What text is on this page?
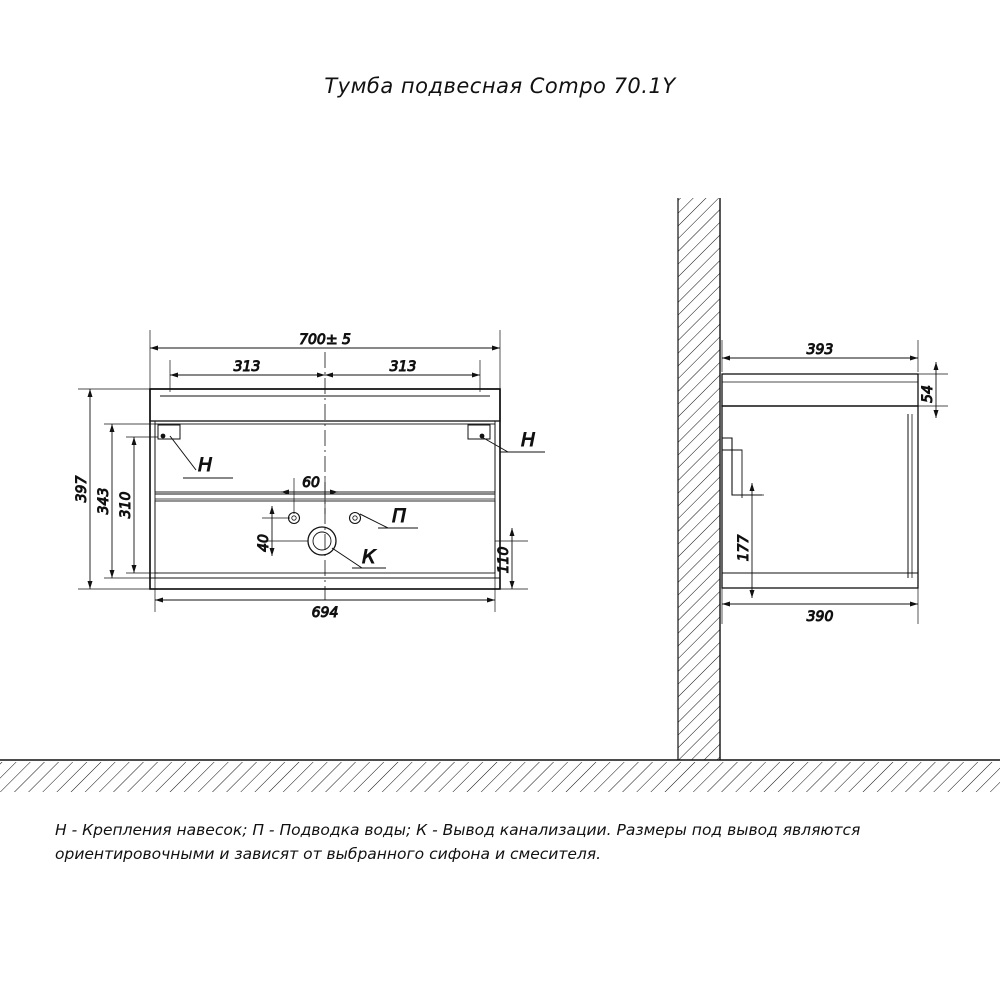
Тумба подвесная Compo 70.1Y
Н
Н
П
К
700± 5
313	313
694
397 343 310
110
60
40
393
54
390
177
Н - Крепления навесок; П - Подводка воды; К - Вывод канализации. Размеры под вывод являются
ориентировочными и зависят от выбранного сифона и смесителя.
